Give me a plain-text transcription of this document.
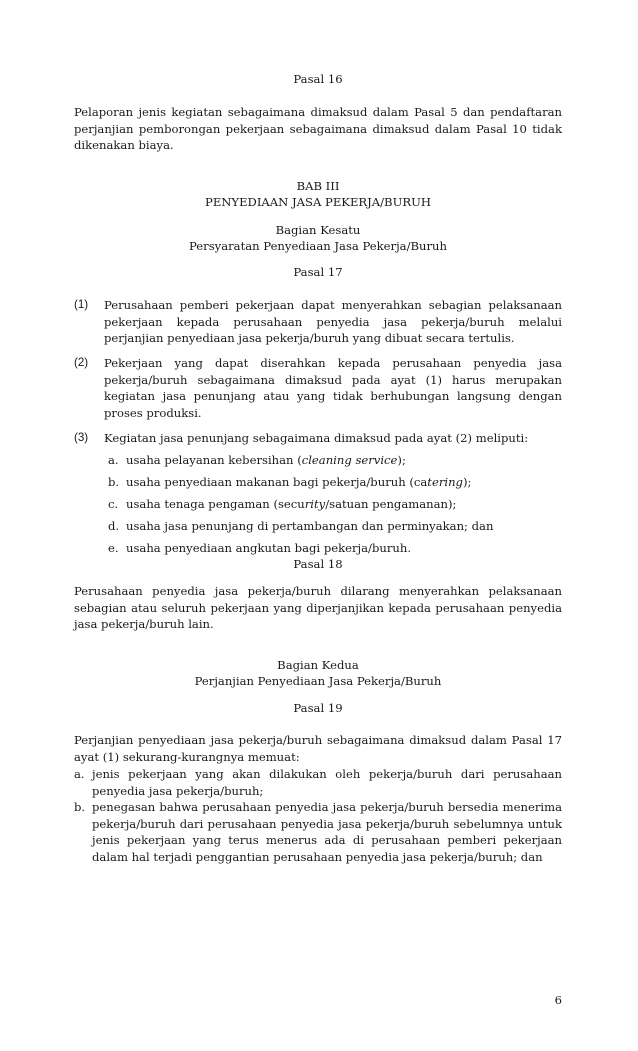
Pasal 16
Pelaporan jenis kegiatan sebagaimana dimaksud dalam Pasal 5 dan pendaftaran perjanjian pemborongan pekerjaan sebagaimana dimaksud dalam Pasal 10 tidak dikenakan biaya.
BAB III
PENYEDIAAN JASA PEKERJA/BURUH
Bagian Kesatu
Persyaratan Penyediaan Jasa Pekerja/Buruh
Pasal 17
(1) Perusahaan pemberi pekerjaan dapat menyerahkan sebagian pelaksanaan pekerjaan kepada perusahaan penyedia jasa pekerja/buruh melalui perjanjian penyediaan jasa pekerja/buruh yang dibuat secara tertulis.
(2) Pekerjaan yang dapat diserahkan kepada perusahaan penyedia jasa pekerja/buruh sebagaimana dimaksud pada ayat (1) harus merupakan kegiatan jasa penunjang atau yang tidak berhubungan langsung dengan proses produksi.
(3) Kegiatan jasa penunjang sebagaimana dimaksud pada ayat (2) meliputi:
a. usaha pelayanan kebersihan (cleaning service);
b. usaha penyediaan makanan bagi pekerja/buruh (catering);
c. usaha tenaga pengaman (security/satuan pengamanan);
d. usaha jasa penunjang di pertambangan dan perminyakan; dan
e. usaha penyediaan angkutan bagi pekerja/buruh.
Pasal 18
Perusahaan penyedia jasa pekerja/buruh dilarang menyerahkan pelaksanaan sebagian atau seluruh pekerjaan yang diperjanjikan kepada perusahaan penyedia jasa pekerja/buruh lain.
Bagian Kedua
Perjanjian Penyediaan Jasa Pekerja/Buruh
Pasal 19
Perjanjian penyediaan jasa pekerja/buruh sebagaimana dimaksud dalam Pasal 17 ayat (1) sekurang-kurangnya memuat:
a. jenis pekerjaan yang akan dilakukan oleh pekerja/buruh dari perusahaan penyedia jasa pekerja/buruh;
b. penegasan bahwa perusahaan penyedia jasa pekerja/buruh bersedia menerima pekerja/buruh dari perusahaan penyedia jasa pekerja/buruh sebelumnya untuk jenis pekerjaan yang terus menerus ada di perusahaan pemberi pekerjaan dalam hal terjadi penggantian perusahaan penyedia jasa pekerja/buruh; dan
6
